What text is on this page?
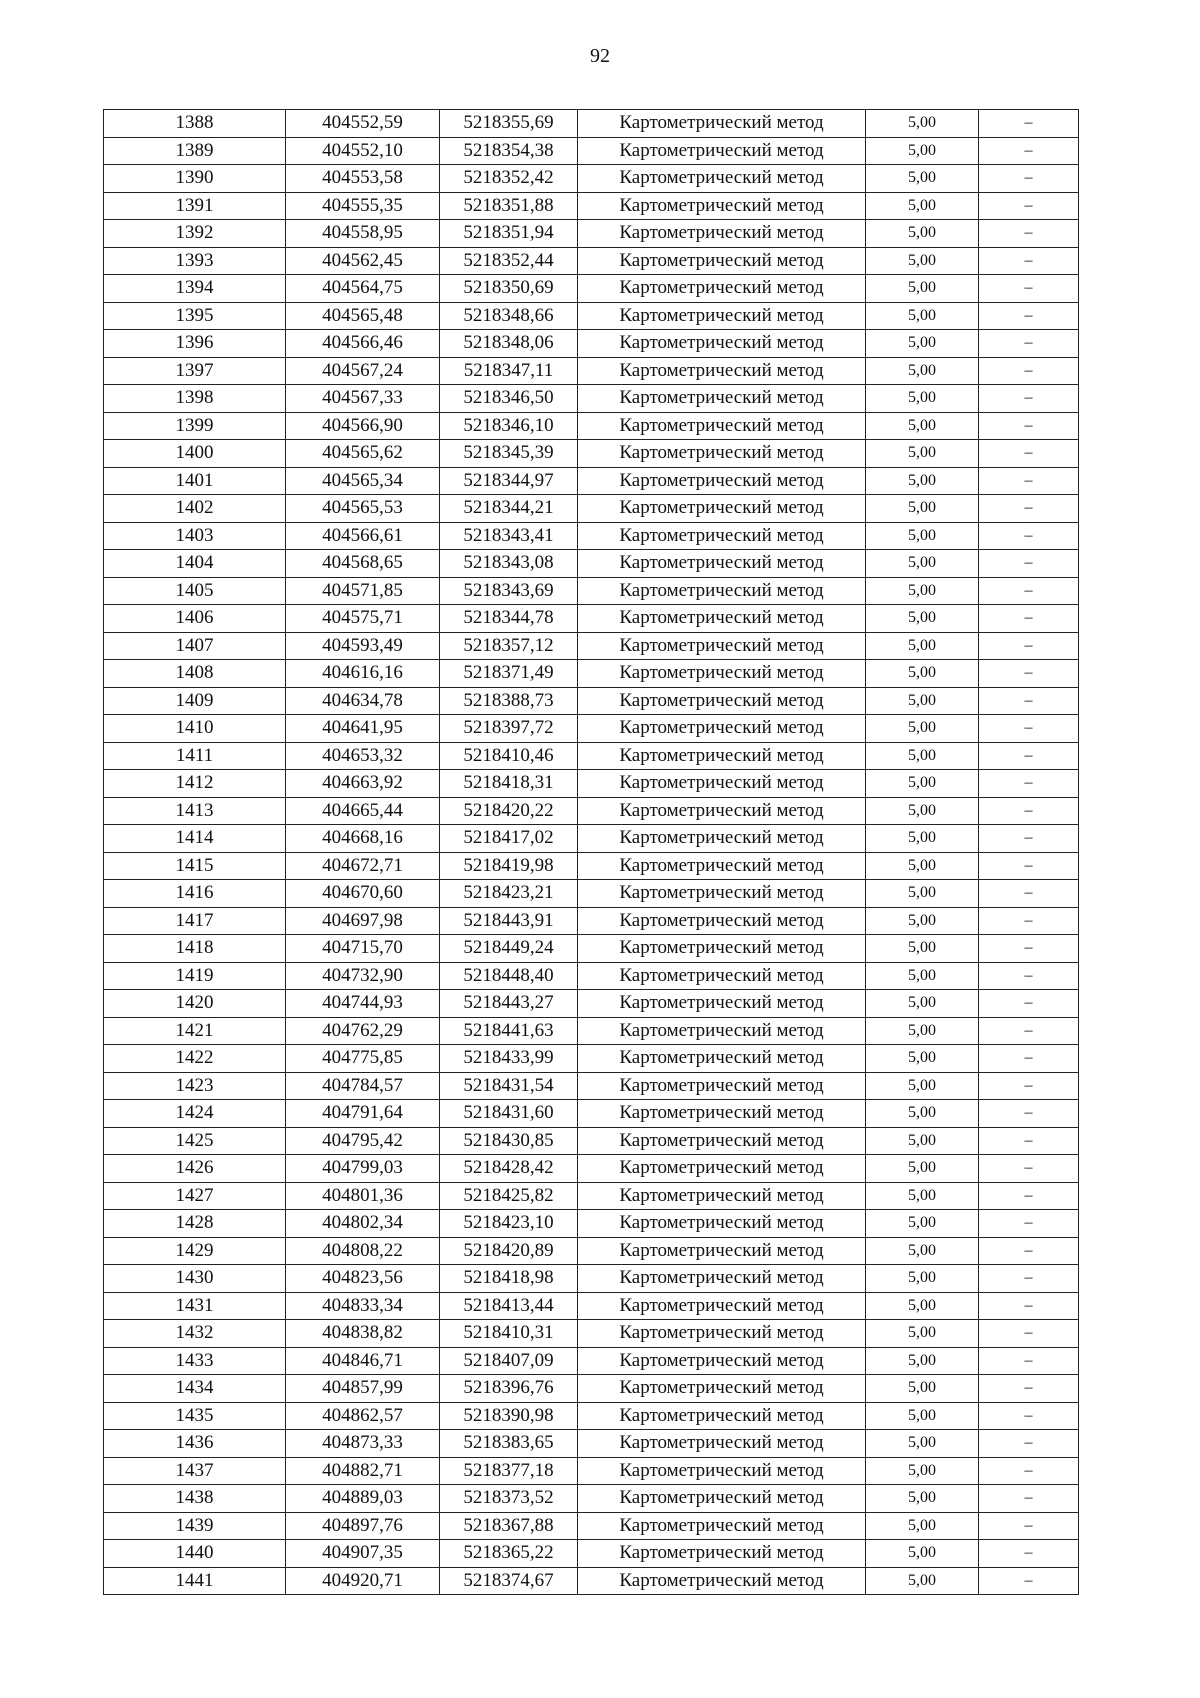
92
1388	404552,59	5218355,69	Картометрический метод	5,00	–
1389	404552,10	5218354,38	Картометрический метод	5,00	–
1390	404553,58	5218352,42	Картометрический метод	5,00	–
1391	404555,35	5218351,88	Картометрический метод	5,00	–
1392	404558,95	5218351,94	Картометрический метод	5,00	–
1393	404562,45	5218352,44	Картометрический метод	5,00	–
1394	404564,75	5218350,69	Картометрический метод	5,00	–
1395	404565,48	5218348,66	Картометрический метод	5,00	–
1396	404566,46	5218348,06	Картометрический метод	5,00	–
1397	404567,24	5218347,11	Картометрический метод	5,00	–
1398	404567,33	5218346,50	Картометрический метод	5,00	–
1399	404566,90	5218346,10	Картометрический метод	5,00	–
1400	404565,62	5218345,39	Картометрический метод	5,00	–
1401	404565,34	5218344,97	Картометрический метод	5,00	–
1402	404565,53	5218344,21	Картометрический метод	5,00	–
1403	404566,61	5218343,41	Картометрический метод	5,00	–
1404	404568,65	5218343,08	Картометрический метод	5,00	–
1405	404571,85	5218343,69	Картометрический метод	5,00	–
1406	404575,71	5218344,78	Картометрический метод	5,00	–
1407	404593,49	5218357,12	Картометрический метод	5,00	–
1408	404616,16	5218371,49	Картометрический метод	5,00	–
1409	404634,78	5218388,73	Картометрический метод	5,00	–
1410	404641,95	5218397,72	Картометрический метод	5,00	–
1411	404653,32	5218410,46	Картометрический метод	5,00	–
1412	404663,92	5218418,31	Картометрический метод	5,00	–
1413	404665,44	5218420,22	Картометрический метод	5,00	–
1414	404668,16	5218417,02	Картометрический метод	5,00	–
1415	404672,71	5218419,98	Картометрический метод	5,00	–
1416	404670,60	5218423,21	Картометрический метод	5,00	–
1417	404697,98	5218443,91	Картометрический метод	5,00	–
1418	404715,70	5218449,24	Картометрический метод	5,00	–
1419	404732,90	5218448,40	Картометрический метод	5,00	–
1420	404744,93	5218443,27	Картометрический метод	5,00	–
1421	404762,29	5218441,63	Картометрический метод	5,00	–
1422	404775,85	5218433,99	Картометрический метод	5,00	–
1423	404784,57	5218431,54	Картометрический метод	5,00	–
1424	404791,64	5218431,60	Картометрический метод	5,00	–
1425	404795,42	5218430,85	Картометрический метод	5,00	–
1426	404799,03	5218428,42	Картометрический метод	5,00	–
1427	404801,36	5218425,82	Картометрический метод	5,00	–
1428	404802,34	5218423,10	Картометрический метод	5,00	–
1429	404808,22	5218420,89	Картометрический метод	5,00	–
1430	404823,56	5218418,98	Картометрический метод	5,00	–
1431	404833,34	5218413,44	Картометрический метод	5,00	–
1432	404838,82	5218410,31	Картометрический метод	5,00	–
1433	404846,71	5218407,09	Картометрический метод	5,00	–
1434	404857,99	5218396,76	Картометрический метод	5,00	–
1435	404862,57	5218390,98	Картометрический метод	5,00	–
1436	404873,33	5218383,65	Картометрический метод	5,00	–
1437	404882,71	5218377,18	Картометрический метод	5,00	–
1438	404889,03	5218373,52	Картометрический метод	5,00	–
1439	404897,76	5218367,88	Картометрический метод	5,00	–
1440	404907,35	5218365,22	Картометрический метод	5,00	–
1441	404920,71	5218374,67	Картометрический метод	5,00	–
